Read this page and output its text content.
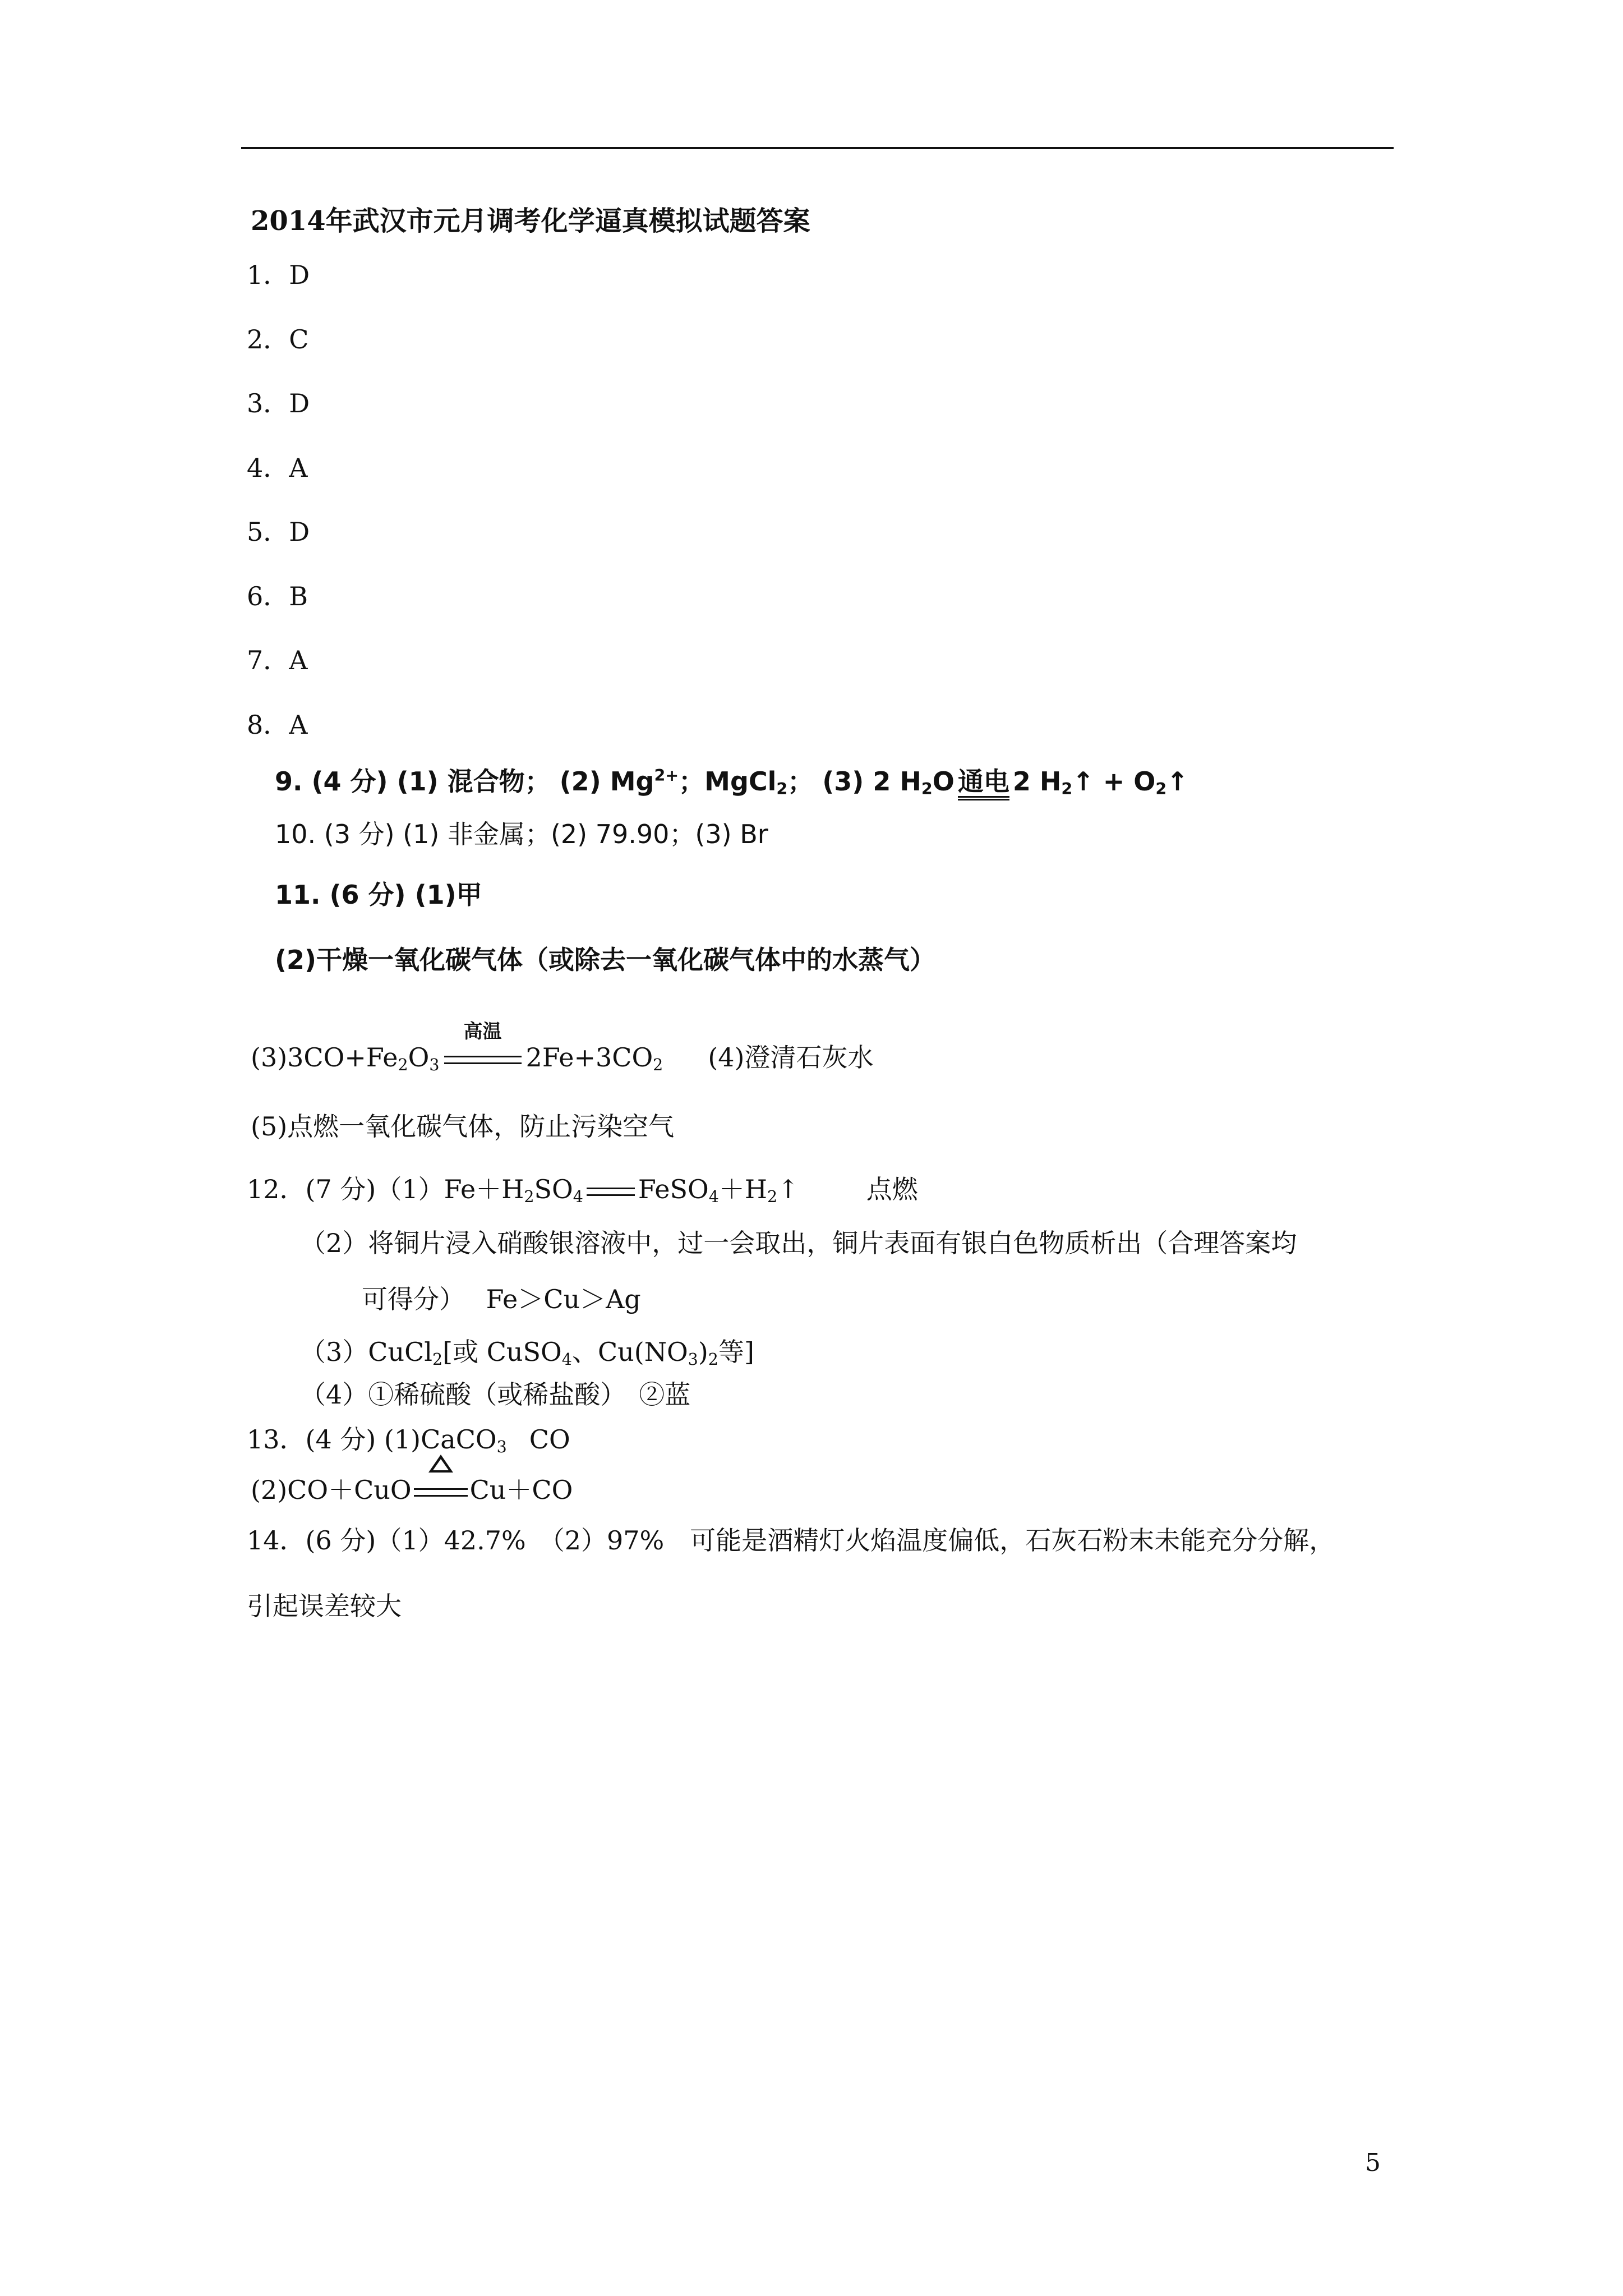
2014年武汉市元月调考化学逼真模拟试题答案
1．D
2．C
3．D
4．A
5．D
6．B
7．A
8．A
9. (4 分) (1) 混合物； (2) $Mg^{2+}$；MgCl$_2$； (3) 2 $H_2O$ 通电 2 $H_2↑$ + $O_2↑$
10. (3 分) (1) 非金属；(2) 79.90；(3) Br
11. (6 分) (1)甲
(2)干燥一氧化碳气体（或除去一氧化碳气体中的水蒸气）
$(3)3CO+Fe_2O_3$
高温
$2Fe+3CO_2$ (4)澄清石灰水
(5)点燃一氧化碳气体，防止污染空气
12．(7 分)$(1)Fe+H_2SO_4$ $FeSO_4+H_2↑$	点燃
（2）将铜片浸入硝酸银溶液中，过一会取出，铜片表面有银白色物质析出（合理答案均
可得分）　 Fe＞Cu＞Ag
（3）CuCl$_2$[或 CuSO$_4$、$Cu(NO_3)_2$等]
（4）①稀硫酸（或稀盐酸）　②蓝
13．(4 分) (1)CaCO$_3$ CO
(2)CO＋CuO Cu＋CO
14．(6 分)（1）42.7%　（2）97%　可能是酒精灯火焰温度偏低，石灰石粉末未能充分分解，
引起误差较大
5
